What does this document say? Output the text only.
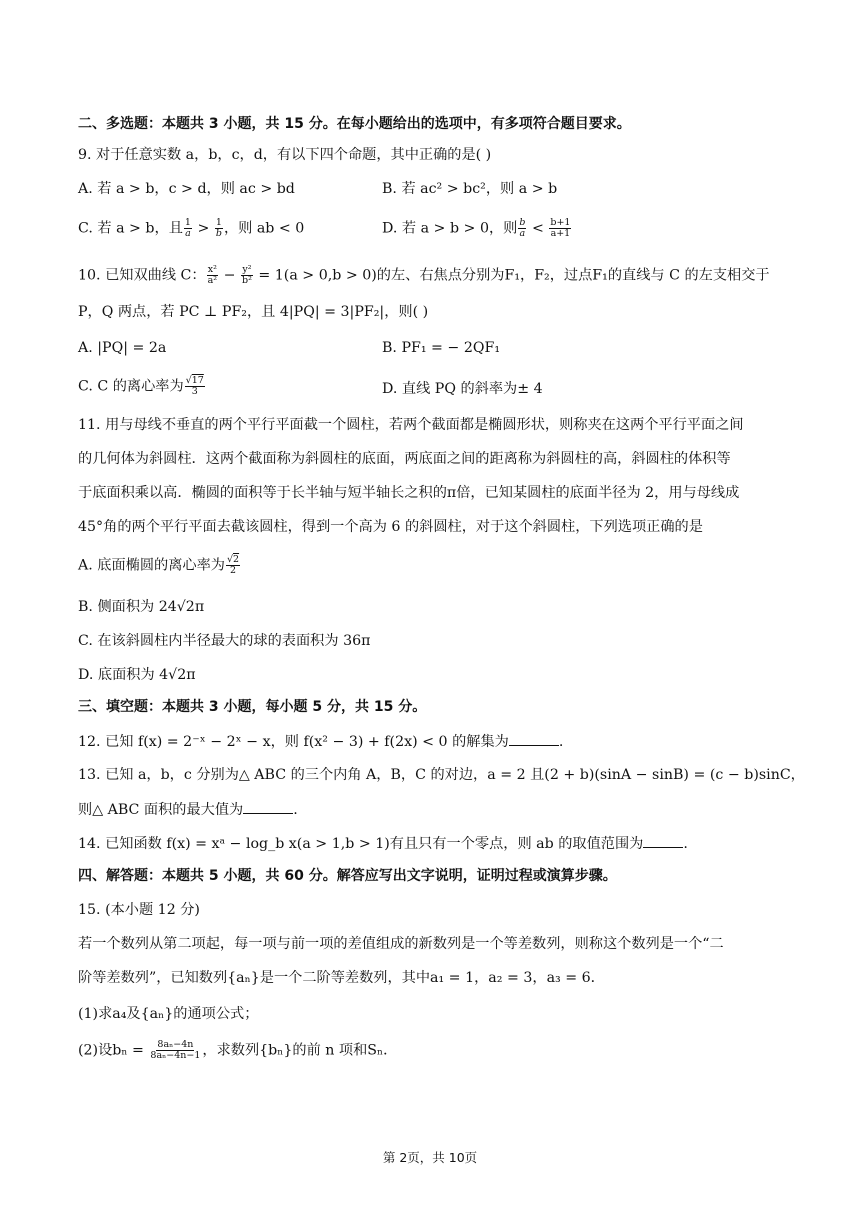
二、多选题：本题共 3 小题，共 15 分。在每小题给出的选项中，有多项符合题目要求。
9. 对于任意实数 a，b，c，d，有以下四个命题，其中正确的是( )
A. 若 a > b，c > d，则 ac > bd	B. 若 ac² > bc²，则 a > b
C. 若 a > b，且 $\frac{1}{a} > \frac{1}{b}$ ，则 ab < 0	D. 若 a > b > 0，则 $\frac{b}{a} < \frac{b+1}{a+1}$
10. 已知双曲线 C： $\frac{\text{x²}}{\text{a²}} - \frac{\text{y²}}{\text{b²}} = 1(a > 0,b > 0)$的左、右焦点分别为F₁，F₂，过点F₁的直线与 C 的左支相交于
P，Q 两点，若 PC ⊥ PF₂，且 4|PQ| = 3|PF₂|，则( )
A. |PQ| = 2a	B. PF₁ = − 2QF₁
C. C 的离心率为 $\frac{√17}{3}$	D. 直线 PQ 的斜率为± 4
11. 用与母线不垂直的两个平行平面截一个圆柱，若两个截面都是椭圆形状，则称夹在这两个平行平面之间
的几何体为斜圆柱．这两个截面称为斜圆柱的底面，两底面之间的距离称为斜圆柱的高，斜圆柱的体积等
于底面积乘以高．椭圆的面积等于长半轴与短半轴长之积的π倍，已知某圆柱的底面半径为 2，用与母线成
45°角的两个平行平面去截该圆柱，得到一个高为 6 的斜圆柱，对于这个斜圆柱，下列选项正确的是
A. 底面椭圆的离心率为 $\frac{√2}{2}$
B. 侧面积为 24√2π
C. 在该斜圆柱内半径最大的球的表面积为 36π
D. 底面积为 4√2π
三、填空题：本题共 3 小题，每小题 5 分，共 15 分。
12. 已知 f(x) = 2⁻ˣ − 2ˣ − x，则 f(x² − 3) + f(2x) < 0 的解集为	.
13. 已知 a，b，c 分别为△ ABC 的三个内角 A，B，C 的对边，a = 2 且(2 + b)(sinA − sinB) = (c − b)sinC，
则△ ABC 面积的最大值为	.
14. 已知函数 f(x) = xᵃ − log_b x(a > 1,b > 1)有且只有一个零点，则 ab 的取值范围为	.
四、解答题：本题共 5 小题，共 60 分。解答应写出文字说明，证明过程或演算步骤。
15. (本小题 12 分)
若一个数列从第二项起，每一项与前一项的差值组成的新数列是一个等差数列，则称这个数列是一个“二
阶等差数列”，已知数列{aₙ}是一个二阶等差数列，其中a₁ = 1，a₂ = 3，a₃ = 6．
(1)求a₄及{aₙ}的通项公式；
(2)设$b_n = \frac{\text{8aₙ−4n}}{\text{8aₙ−4n−1}}$ ，求数列{bₙ}的前 n 项和Sₙ．
第 2页，共 10页
